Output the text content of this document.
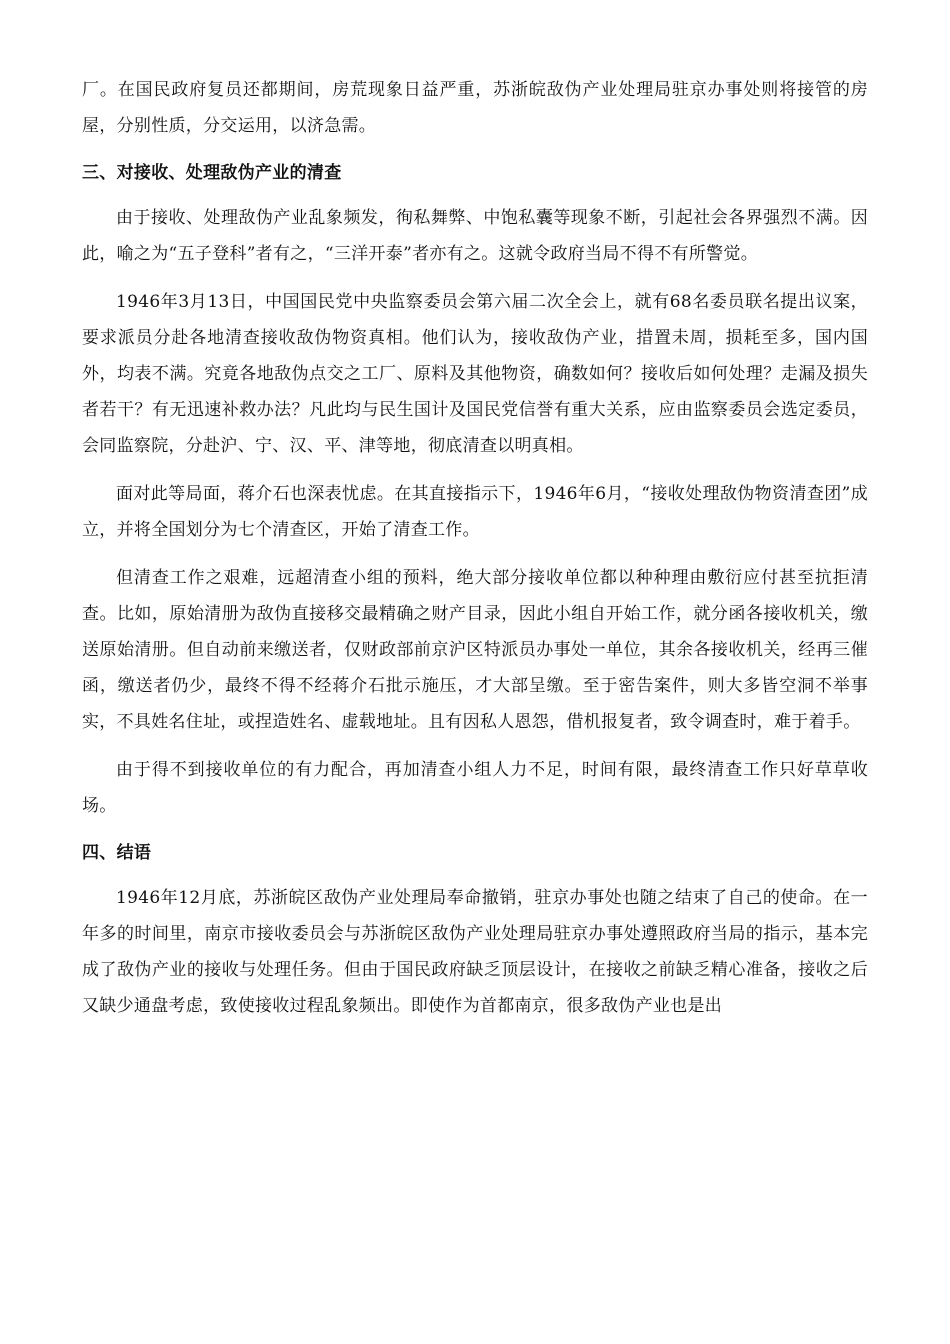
厂。在国民政府复员还都期间，房荒现象日益严重，苏浙皖敌伪产业处理局驻京办事处则将接管的房屋，分别性质，分交运用，以济急需。

三、对接收、处理敌伪产业的清查

由于接收、处理敌伪产业乱象频发，徇私舞弊、中饱私囊等现象不断，引起社会各界强烈不满。因此，喻之为“五子登科”者有之，“三洋开泰”者亦有之。这就令政府当局不得不有所警觉。

1946年3月13日，中国国民党中央监察委员会第六届二次全会上，就有68名委员联名提出议案，要求派员分赴各地清查接收敌伪物资真相。他们认为，接收敌伪产业，措置未周，损耗至多，国内国外，均表不满。究竟各地敌伪点交之工厂、原料及其他物资，确数如何？接收后如何处理？走漏及损失者若干？有无迅速补救办法？凡此均与民生国计及国民党信誉有重大关系，应由监察委员会选定委员，会同监察院，分赴沪、宁、汉、平、津等地，彻底清查以明真相。

面对此等局面，蒋介石也深表忧虑。在其直接指示下，1946年6月，“接收处理敌伪物资清查团”成立，并将全国划分为七个清查区，开始了清查工作。

但清查工作之艰难，远超清查小组的预料，绝大部分接收单位都以种种理由敷衍应付甚至抗拒清查。比如，原始清册为敌伪直接移交最精确之财产目录，因此小组自开始工作，就分函各接收机关，缴送原始清册。但自动前来缴送者，仅财政部前京沪区特派员办事处一单位，其余各接收机关，经再三催函，缴送者仍少，最终不得不经蒋介石批示施压，才大部呈缴。至于密告案件，则大多皆空洞不举事实，不具姓名住址，或捏造姓名、虚载地址。且有因私人恩怨，借机报复者，致令调查时，难于着手。

由于得不到接收单位的有力配合，再加清查小组人力不足，时间有限，最终清查工作只好草草收场。

四、结语

1946年12月底，苏浙皖区敌伪产业处理局奉命撤销，驻京办事处也随之结束了自己的使命。在一年多的时间里，南京市接收委员会与苏浙皖区敌伪产业处理局驻京办事处遵照政府当局的指示，基本完成了敌伪产业的接收与处理任务。但由于国民政府缺乏顶层设计，在接收之前缺乏精心准备，接收之后又缺少通盘考虑，致使接收过程乱象频出。即使作为首都南京，很多敌伪产业也是出
